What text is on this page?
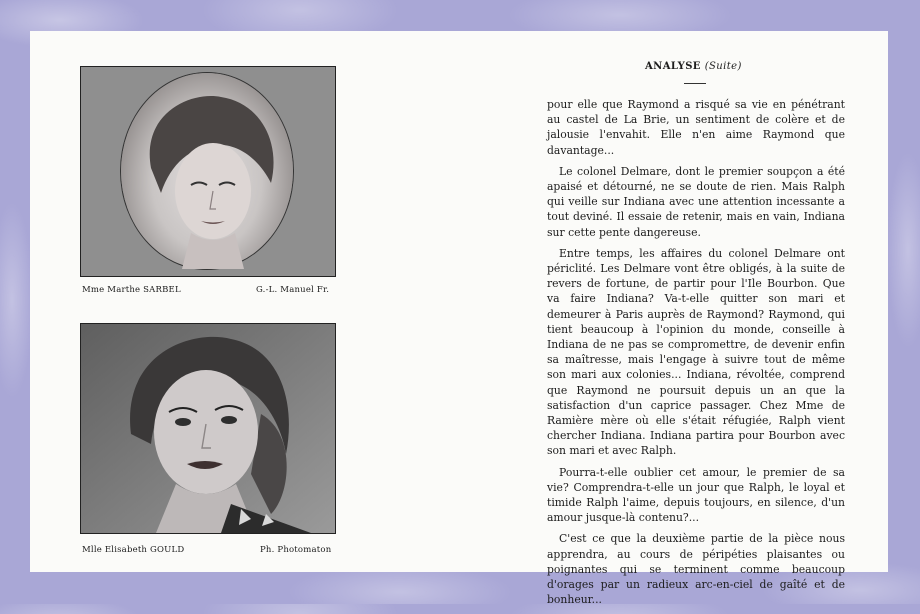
Mme Marthe SARBEL	G.-L. Manuel Fr.
Mlle Elisabeth GOULD	Ph. Photomaton
ANALYSE (Suite)

pour elle que Raymond a risqué sa vie en pénétrant au castel de La Brie, un sentiment de colère et de jalousie l'envahit. Elle n'en aime Raymond que davantage...

Le colonel Delmare, dont le premier soupçon a été apaisé et détourné, ne se doute de rien. Mais Ralph qui veille sur Indiana avec une attention incessante a tout deviné. Il essaie de retenir, mais en vain, Indiana sur cette pente dangereuse.

Entre temps, les affaires du colonel Delmare ont périclité. Les Delmare vont être obligés, à la suite de revers de fortune, de partir pour l'Ile Bourbon. Que va faire Indiana? Va-t-elle quitter son mari et demeurer à Paris auprès de Raymond? Raymond, qui tient beaucoup à l'opinion du monde, conseille à Indiana de ne pas se compromettre, de devenir enfin sa maîtresse, mais l'engage à suivre tout de même son mari aux colonies... Indiana, révoltée, comprend que Raymond ne poursuit depuis un an que la satisfaction d'un caprice passager. Chez Mme de Ramière mère où elle s'était réfugiée, Ralph vient chercher Indiana. Indiana partira pour Bourbon avec son mari et avec Ralph.

Pourra-t-elle oublier cet amour, le premier de sa vie? Comprendra-t-elle un jour que Ralph, le loyal et timide Ralph l'aime, depuis toujours, en silence, d'un amour jusque-là contenu?...

C'est ce que la deuxième partie de la pièce nous apprendra, au cours de péripéties plaisantes ou poignantes qui se terminent comme beaucoup d'orages par un radieux arc-en-ciel de gaîté et de bonheur...
